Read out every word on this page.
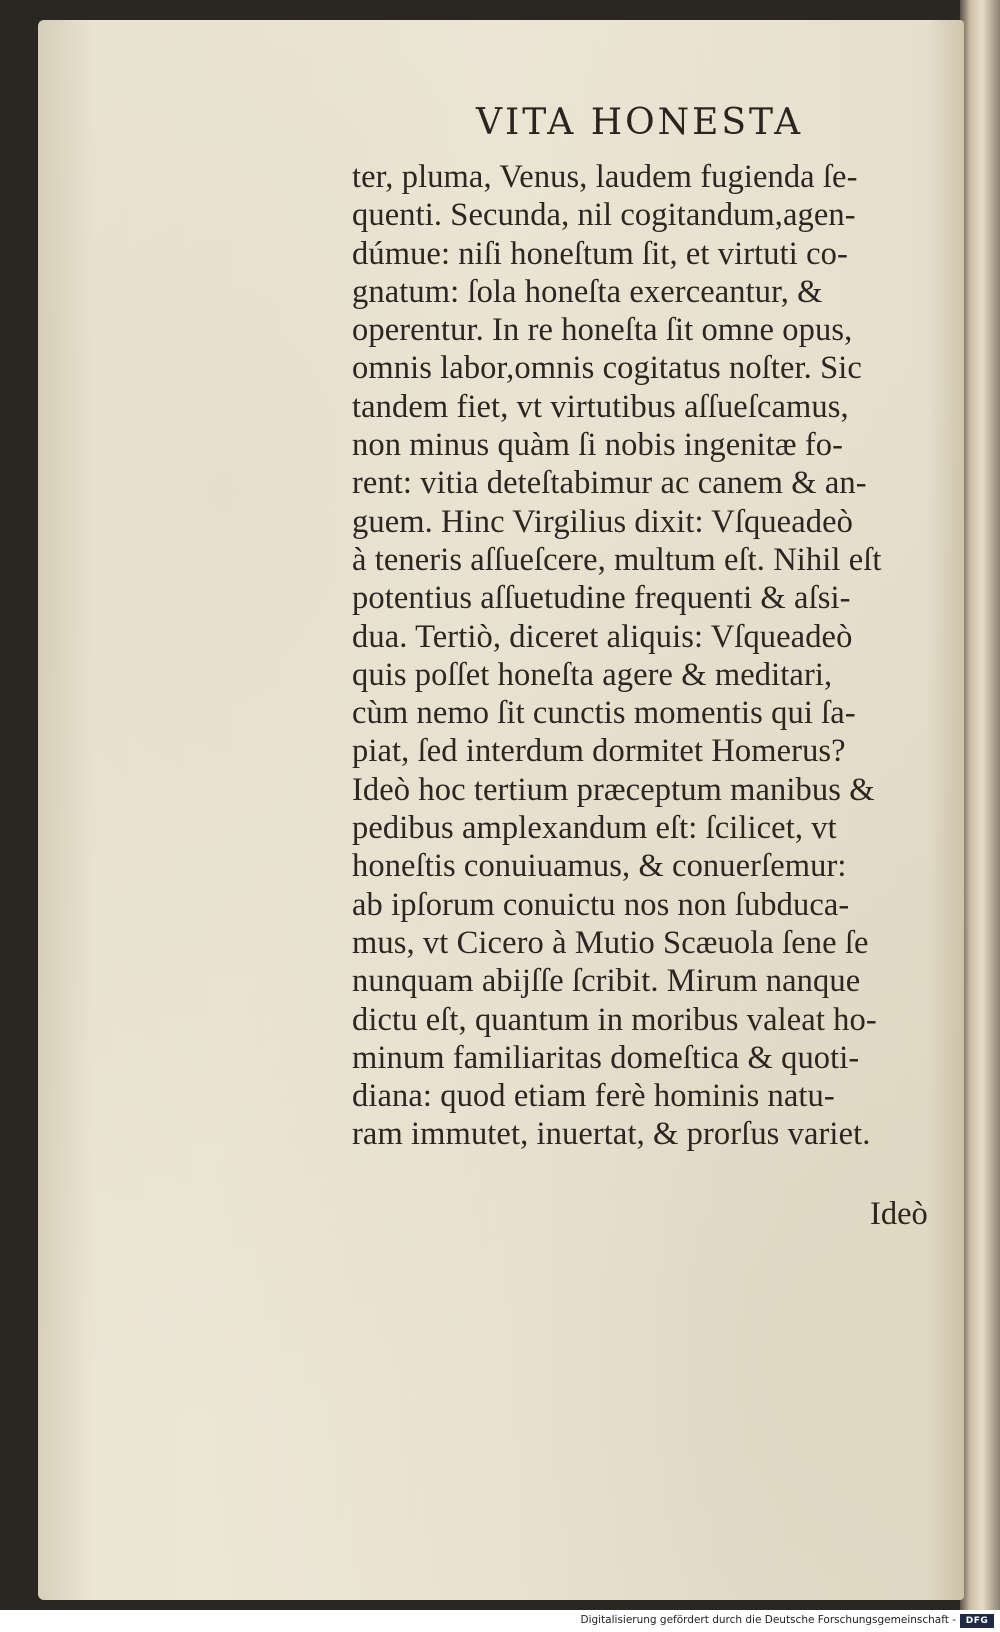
VITA HONESTA
ter, pluma, Venus, laudem fugienda ſe-
quenti. Secunda, nil cogitandum,agen-
dúmue: niſi honeſtum ſit, et virtuti co-
gnatum: ſola honeſta exerceantur, &
operentur. In re honeſta ſit omne opus,
omnis labor,omnis cogitatus noſter. Sic
tandem fiet, vt virtutibus aſſueſcamus,
non minus quàm ſi nobis ingenitæ fo-
rent: vitia deteſtabimur ac canem & an-
guem. Hinc Virgilius dixit: Vſqueadeò
à teneris aſſueſcere, multum eſt. Nihil eſt
potentius aſſuetudine frequenti & aſsi-
dua. Tertiò, diceret aliquis: Vſqueadeò
quis poſſet honeſta agere & meditari,
cùm nemo ſit cunctis momentis qui ſa-
piat, ſed interdum dormitet Homerus?
Ideò hoc tertium præceptum manibus &
pedibus amplexandum eſt: ſcilicet, vt
honeſtis conuiuamus, & conuerſemur:
ab ipſorum conuictu nos non ſubduca-
mus, vt Cicero à Mutio Scæuola ſene ſe
nunquam abijſſe ſcribit. Mirum nanque
dictu eſt, quantum in moribus valeat ho-
minum familiaritas domeſtica & quoti-
diana: quod etiam ferè hominis natu-
ram immutet, inuertat, & prorſus variet.
Ideò
Digitalisierung gefördert durch die Deutsche Forschungsgemeinschaft -	DFG
